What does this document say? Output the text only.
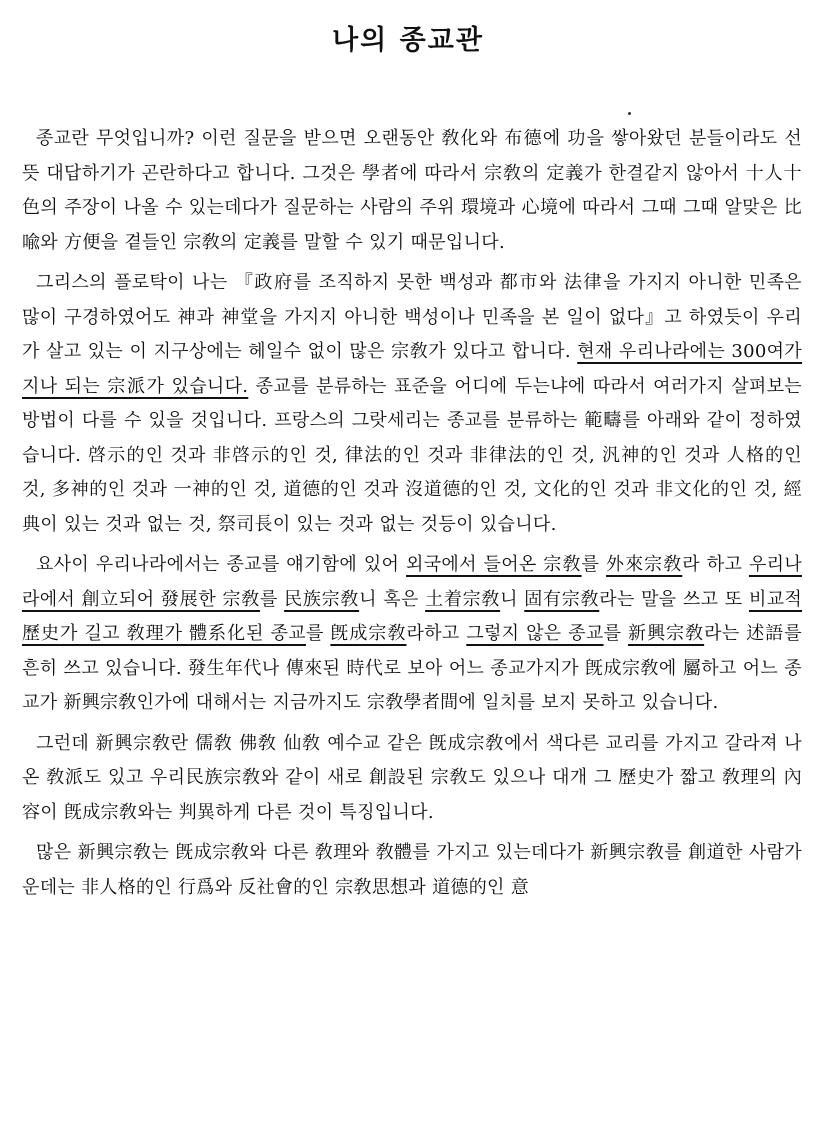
나의 종교관

종교란 무엇입니까? 이런 질문을 받으면 오랜동안 敎化와 布德에 功을 쌓아왔던 분들이라도 선뜻 대답하기가 곤란하다고 합니다. 그것은 學者에 따라서 宗敎의 定義가 한결같지 않아서 十人十色의 주장이 나올 수 있는데다가 질문하는 사람의 주위 環境과 心境에 따라서 그때 그때 알맞은 比喩와 方便을 곁들인 宗敎의 定義를 말할 수 있기 때문입니다.

그리스의 플로탁이 나는 『政府를 조직하지 못한 백성과 都市와 法律을 가지지 아니한 민족은 많이 구경하였어도 神과 神堂을 가지지 아니한 백성이나 민족을 본 일이 없다』고 하였듯이 우리가 살고 있는 이 지구상에는 헤일수 없이 많은 宗敎가 있다고 합니다. 현재 우리나라에는 300여가지나 되는 宗派가 있습니다. 종교를 분류하는 표준을 어디에 두는냐에 따라서 여러가지 살펴보는 방법이 다를 수 있을 것입니다. 프랑스의 그랏세리는 종교를 분류하는 範疇를 아래와 같이 정하였습니다. 啓示的인 것과 非啓示的인 것, 律法的인 것과 非律法的인 것, 汎神的인 것과 人格的인 것, 多神的인 것과 一神的인 것, 道德的인 것과 沒道德的인 것, 文化的인 것과 非文化的인 것, 經典이 있는 것과 없는 것, 祭司長이 있는 것과 없는 것등이 있습니다.

요사이 우리나라에서는 종교를 얘기함에 있어 외국에서 들어온 宗敎를 外來宗敎라 하고 우리나라에서 創立되어 發展한 宗敎를 民族宗敎니 혹은 土着宗敎니 固有宗敎라는 말을 쓰고 또 비교적 歷史가 길고 敎理가 體系化된 종교를 旣成宗敎라하고 그렇지 않은 종교를 新興宗敎라는 述語를 흔히 쓰고 있습니다. 發生年代나 傳來된 時代로 보아 어느 종교가지가 旣成宗敎에 屬하고 어느 종교가 新興宗敎인가에 대해서는 지금까지도 宗敎學者間에 일치를 보지 못하고 있습니다.

그런데 新興宗敎란 儒敎 佛敎 仙敎 예수교 같은 旣成宗敎에서 색다른 교리를 가지고 갈라져 나온 敎派도 있고 우리民族宗敎와 같이 새로 創設된 宗敎도 있으나 대개 그 歷史가 짧고 敎理의 內容이 旣成宗敎와는 判異하게 다른 것이 특징입니다.

많은 新興宗敎는 旣成宗敎와 다른 敎理와 敎體를 가지고 있는데다가 新興宗敎를 創道한 사람가운데는 非人格的인 行爲와 反社會的인 宗敎思想과 道德的인 意
